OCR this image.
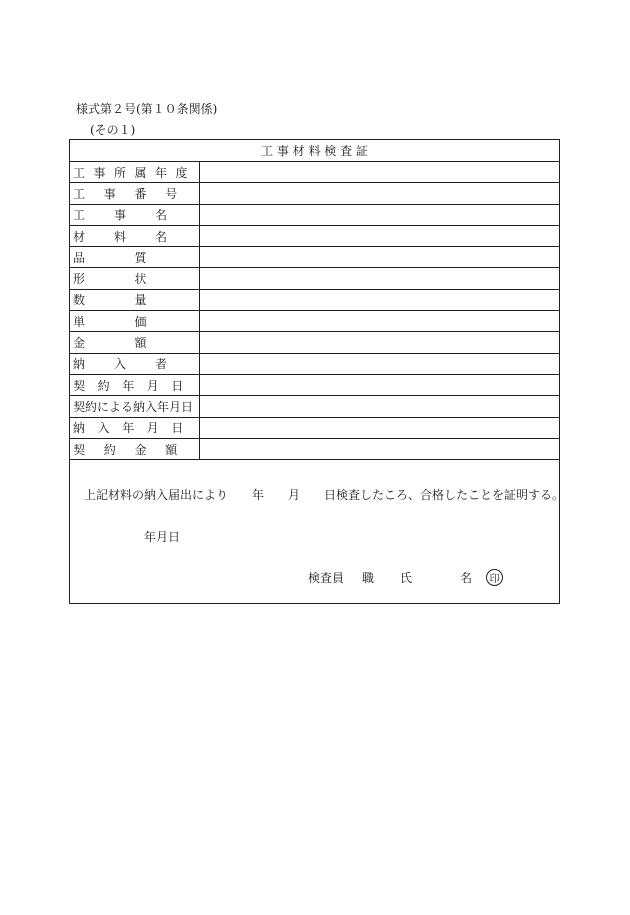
様式第２号(第１０条関係)
(その１)
工 事 材 料 検 査 証
工 事 所 属 年 度
工	事	番	号
工	事	名
材	料	名
品	質
形	状
数	量
単	価
金	額
納	入	者
契	約	年	月	日
契約による納入年月日
納	入	年	月	日
契	約	金	額
上記材料の納入届出により 年 月 日検査したころ、合格したことを証明する。
年月日
検査員 職 氏	名	印
